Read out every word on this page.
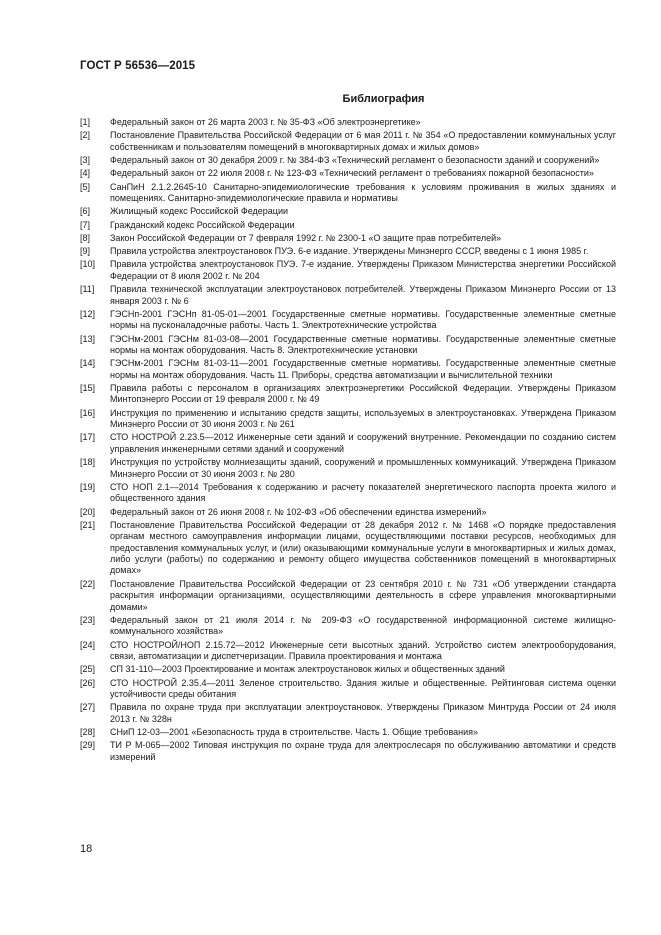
ГОСТ Р 56536—2015
Библиография
[1]	Федеральный закон от 26 марта 2003 г. № 35-ФЗ «Об электроэнергетике»
[2]	Постановление Правительства Российской Федерации от 6 мая 2011 г. № 354 «О предоставлении коммунальных услуг собственникам и пользователям помещений в многоквартирных домах и жилых домов»
[3]	Федеральный закон от 30 декабря 2009 г. № 384-ФЗ «Технический регламент о безопасности зданий и сооружений»
[4]	Федеральный закон от 22 июля 2008 г. № 123-ФЗ «Технический регламент о требованиях пожарной безопасности»
[5]	СанПиН 2.1.2.2645-10 Санитарно-эпидемиологические требования к условиям проживания в жилых зданиях и помещениях. Санитарно-эпидемиологические правила и нормативы
[6]	Жилищный кодекс Российской Федерации
[7]	Гражданский кодекс Российской Федерации
[8]	Закон Российской Федерации от 7 февраля 1992 г. № 2300-1 «О защите прав потребителей»
[9]	Правила устройства электроустановок ПУЭ. 6-е издание. Утверждены Минэнерго СССР, введены с 1 июня 1985 г.
[10]	Правила устройства электроустановок ПУЭ. 7-е издание. Утверждены Приказом Министерства энергетики Российской Федерации от 8 июля 2002 г. № 204
[11]	Правила технической эксплуатации электроустановок потребителей. Утверждены Приказом Минэнерго России от 13 января 2003 г. № 6
[12]	ГЭСНп-2001 ГЭСНп 81-05-01—2001 Государственные сметные нормативы. Государственные элементные сметные нормы на пусконаладочные работы. Часть 1. Электротехнические устройства
[13]	ГЭСНм-2001 ГЭСНм 81-03-08—2001 Государственные сметные нормативы. Государственные элементные сметные нормы на монтаж оборудования. Часть 8. Электротехнические установки
[14]	ГЭСНм-2001 ГЭСНм 81-03-11—2001 Государственные сметные нормативы. Государственные элементные сметные нормы на монтаж оборудования. Часть 11. Приборы, средства автоматизации и вычислительной техники
[15]	Правила работы с персоналом в организациях электроэнергетики Российской Федерации. Утверждены Приказом Минтопэнерго России от 19 февраля 2000 г. № 49
[16]	Инструкция по применению и испытанию средств защиты, используемых в электроустановках. Утверждена Приказом Минэнерго России от 30 июня 2003 г. № 261
[17]	СТО НОСТРОЙ 2.23.5—2012 Инженерные сети зданий и сооружений внутренние. Рекомендации по созданию систем управления инженерными сетями зданий и сооружений
[18]	Инструкция по устройству молниезащиты зданий, сооружений и промышленных коммуникаций. Утверждена Приказом Минэнерго России от 30 июня 2003 г. № 280
[19]	СТО НОП 2.1—2014 Требования к содержанию и расчету показателей энергетического паспорта проекта жилого и общественного здания
[20]	Федеральный закон от 26 июня 2008 г. № 102-ФЗ «Об обеспечении единства измерений»
[21]	Постановление Правительства Российской Федерации от 28 декабря 2012 г. № 1468 «О порядке предоставления органам местного самоуправления информации лицами, осуществляющими поставки ресурсов, необходимых для предоставления коммунальных услуг, и (или) оказывающими коммунальные услуги в многоквартирных и жилых домах, либо услуги (работы) по содержанию и ремонту общего имущества собственников помещений в многоквартирных домах»
[22]	Постановление Правительства Российской Федерации от 23 сентября 2010 г. № 731 «Об утверждении стандарта раскрытия информации организациями, осуществляющими деятельность в сфере управления многоквартирными домами»
[23]	Федеральный закон от 21 июля 2014 г. № 209-ФЗ «О государственной информационной системе жилищно-коммунального хозяйства»
[24]	СТО НОСТРОЙ/НОП 2.15.72—2012 Инженерные сети высотных зданий. Устройство систем электрооборудования, связи, автоматизации и диспетчеризации. Правила проектирования и монтажа
[25]	СП 31-110—2003 Проектирование и монтаж электроустановок жилых и общественных зданий
[26]	СТО НОСТРОЙ 2.35.4—2011 Зеленое строительство. Здания жилые и общественные. Рейтинговая система оценки устойчивости среды обитания
[27]	Правила по охране труда при эксплуатации электроустановок. Утверждены Приказом Минтруда России от 24 июля 2013 г. № 328н
[28]	СНиП 12-03—2001 «Безопасность труда в строительстве. Часть 1. Общие требования»
[29]	ТИ Р М-065—2002 Типовая инструкция по охране труда для электрослесаря по обслуживанию автоматики и средств измерений
18
